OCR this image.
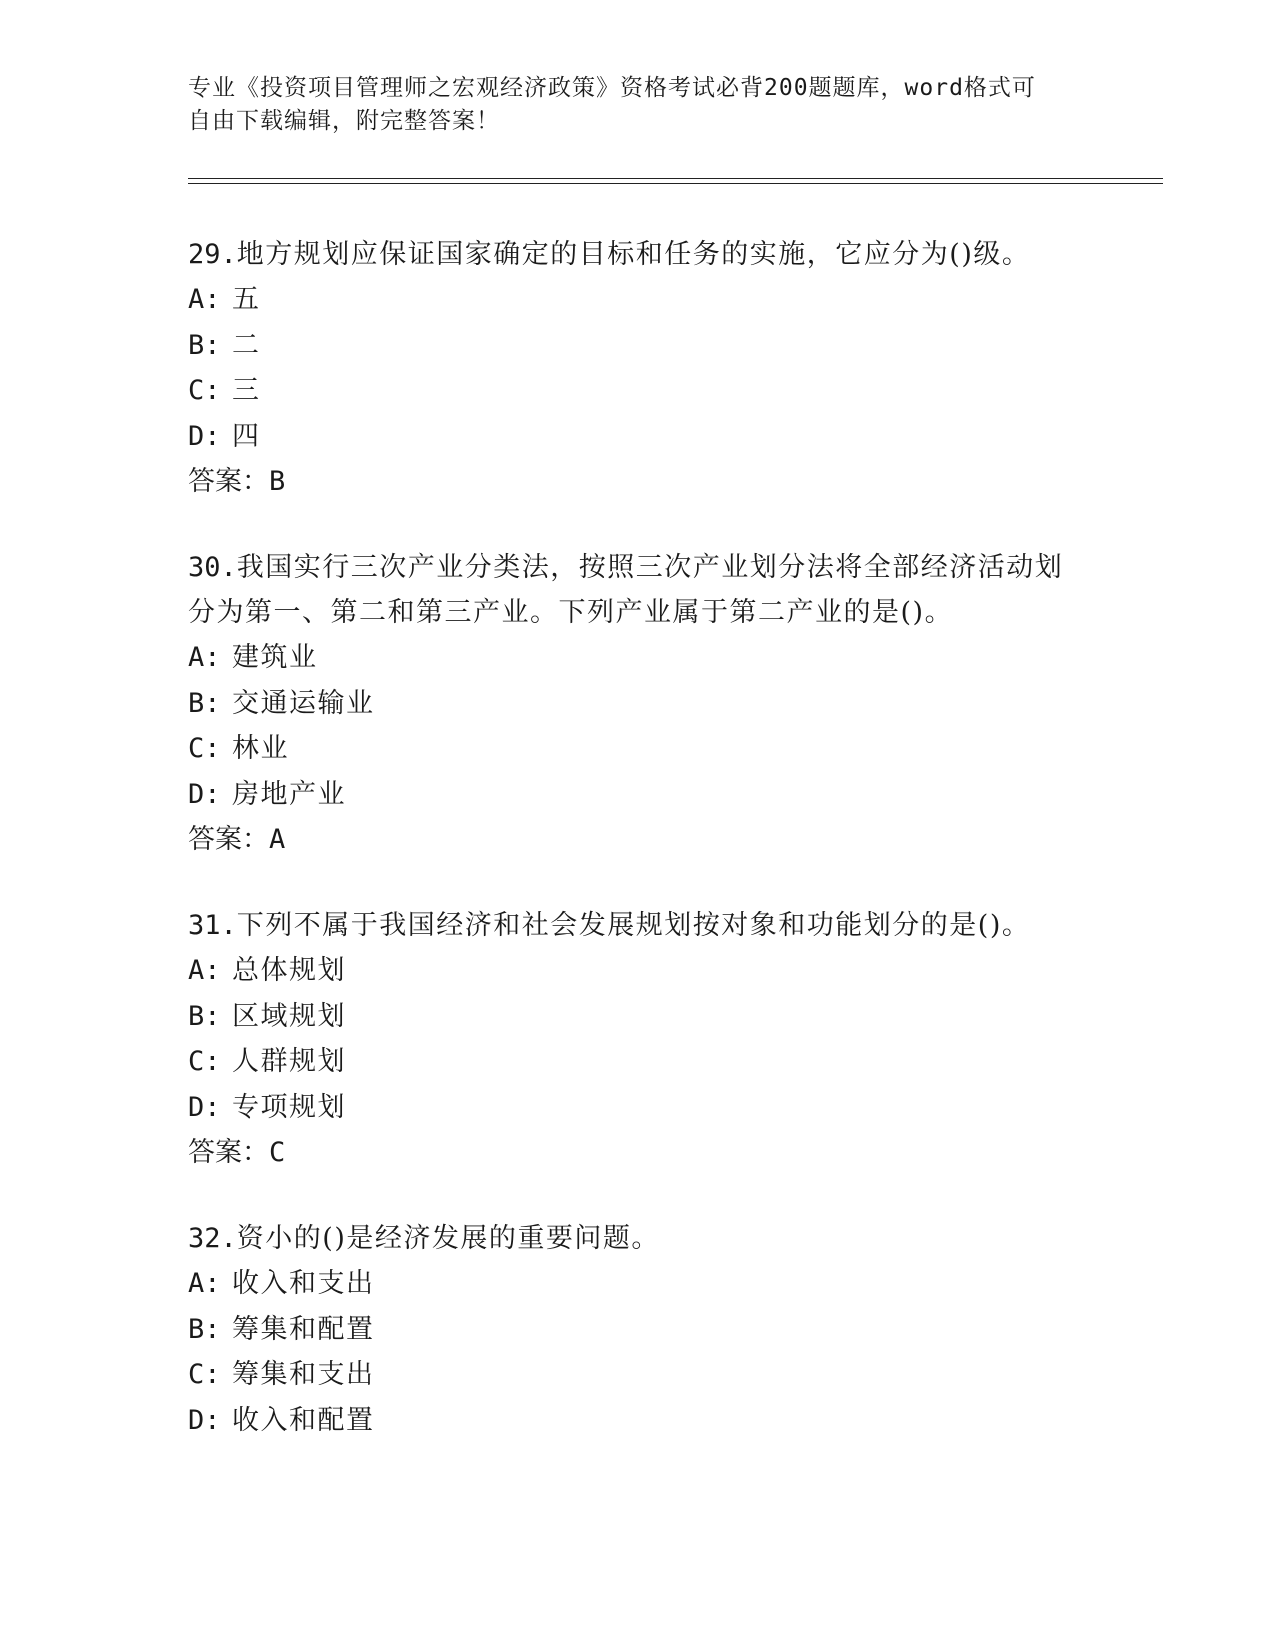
专业《投资项目管理师之宏观经济政策》资格考试必背200题题库，word格式可
自由下载编辑，附完整答案！

29.地方规划应保证国家确定的目标和任务的实施，它应分为()级。

A: 五
B: 二
C: 三
D: 四
答案：B

30.我国实行三次产业分类法，按照三次产业划分法将全部经济活动划
分为第一、第二和第三产业。下列产业属于第二产业的是()。

A: 建筑业
B: 交通运输业
C: 林业
D: 房地产业
答案：A

31.下列不属于我国经济和社会发展规划按对象和功能划分的是()。

A: 总体规划
B: 区域规划
C: 人群规划
D: 专项规划
答案：C

32.资小的()是经济发展的重要问题。

A: 收入和支出
B: 筹集和配置
C: 筹集和支出
D: 收入和配置
